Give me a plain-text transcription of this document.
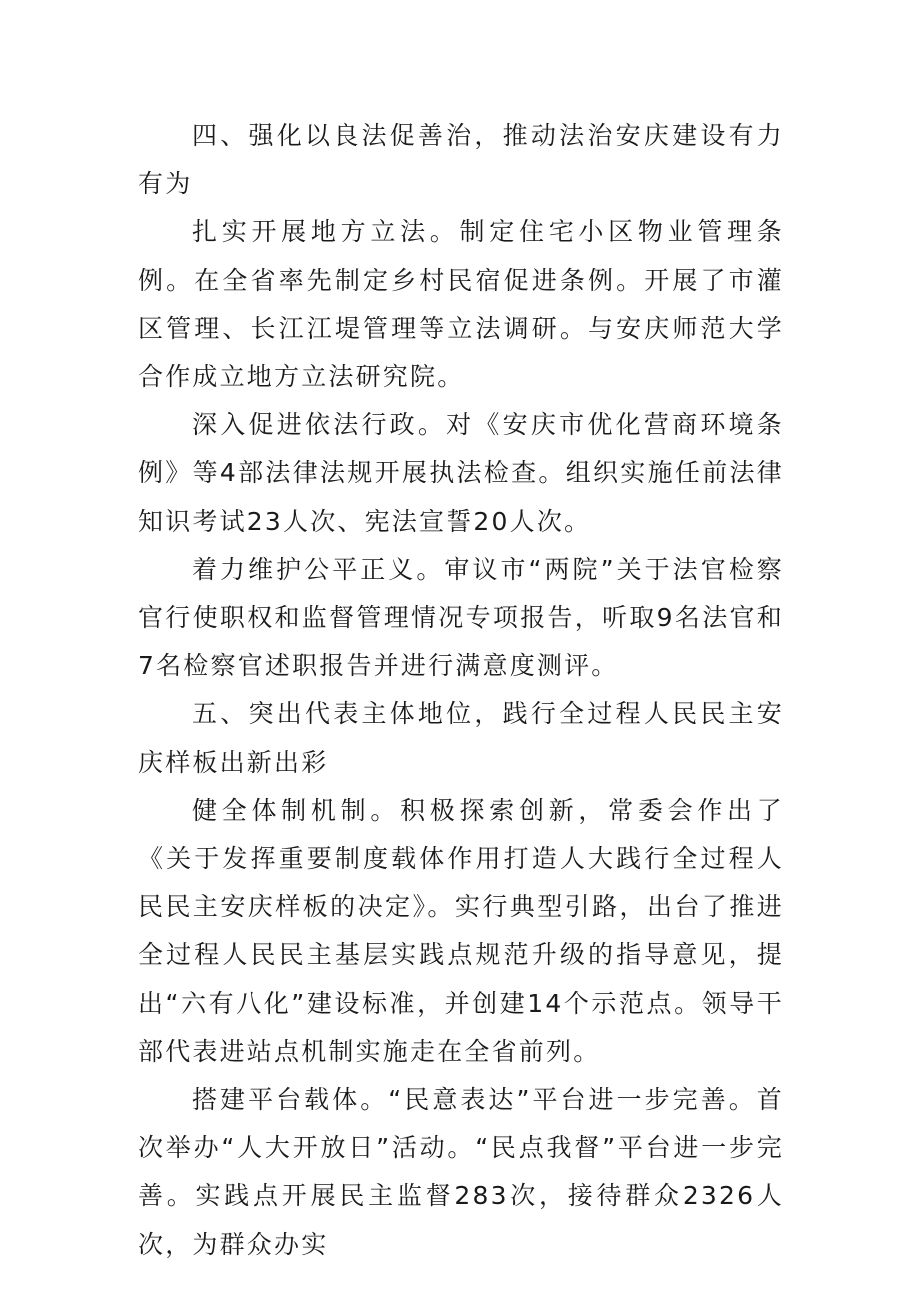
四、强化以良法促善治，推动法治安庆建设有力有为

扎实开展地方立法。制定住宅小区物业管理条例。在全省率先制定乡村民宿促进条例。开展了市灌区管理、长江江堤管理等立法调研。与安庆师范大学合作成立地方立法研究院。

深入促进依法行政。对《安庆市优化营商环境条例》等4部法律法规开展执法检查。组织实施任前法律知识考试23人次、宪法宣誓20人次。

着力维护公平正义。审议市“两院”关于法官检察官行使职权和监督管理情况专项报告，听取9名法官和7名检察官述职报告并进行满意度测评。

五、突出代表主体地位，践行全过程人民民主安庆样板出新出彩

健全体制机制。积极探索创新，常委会作出了《关于发挥重要制度载体作用打造人大践行全过程人民民主安庆样板的决定》。实行典型引路，出台了推进全过程人民民主基层实践点规范升级的指导意见，提出“六有八化”建设标准，并创建14个示范点。领导干部代表进站点机制实施走在全省前列。

搭建平台载体。“民意表达”平台进一步完善。首次举办“人大开放日”活动。“民点我督”平台进一步完善。实践点开展民主监督283次，接待群众2326人次，为群众办实
